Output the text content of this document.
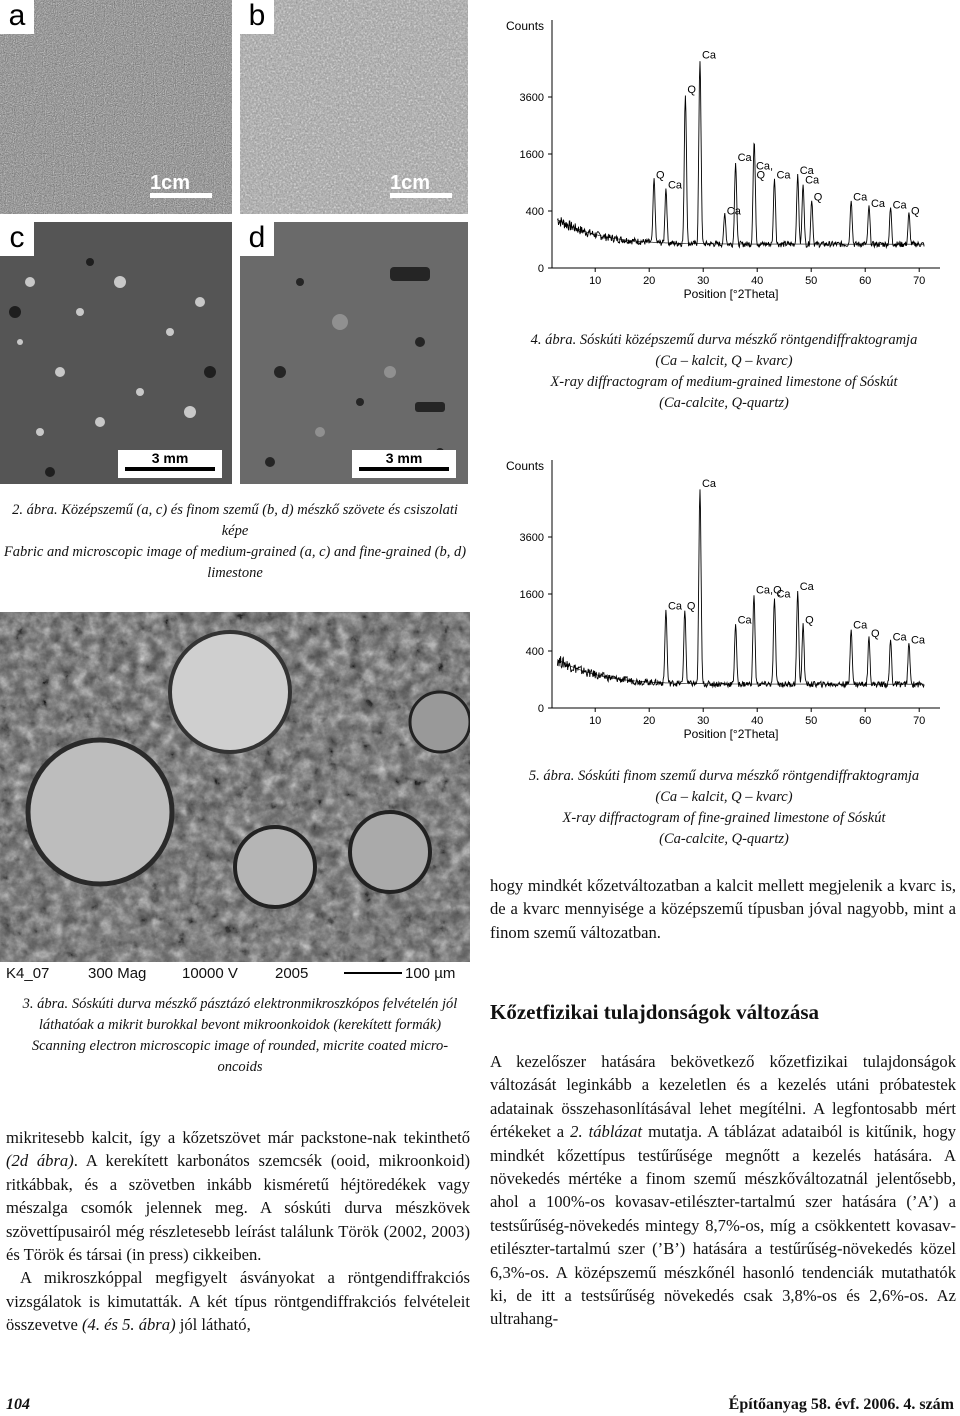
a
1cm
b
1cm
c
3 mm
d
3 mm
2. ábra. Középszemű (a, c) és finom szemű (b, d) mészkő szövete és csiszolati képe
Fabric and microscopic image of medium-grained (a, c) and fine-grained (b, d) limestone
K4_07	300 Mag 10000 V 2005	100 µm
3. ábra. Sóskúti durva mészkő pásztázó elektronmikroszkópos felvételén jól láthatóak a mikrit burokkal bevont mikroonkoidok (kerekített formák)
Scanning electron microscopic image of rounded, micrite coated micro-oncoids

mikritesebb kalcit, így a kőzetszövet már packstone-nak tekinthető (2d ábra). A kerekített karbonátos szemcsék (ooid, mikroonkoid) ritkábbak, és a szövetben inkább kisméretű héjtöredékek vagy mészalga csomók jelennek meg. A sóskúti durva mészkövek szövettípusairól még részletesebb leírást találunk Török (2002, 2003) és Török és társai (in press) cikkeiben.

A mikroszkóppal megfigyelt ásványokat a röntgendiffrakciós vizsgálatok is kimutatták. A két típus röntgendiffrakciós felvételeit összevetve (4. és 5. ábra) jól látható,

Counts
0
400
1600
3600
10	20	30	40	50	60	70
Position [°2Theta]
Q
Ca
Q
Ca
Ca
Ca,
Q Ca Ca
Ca
Q	Ca
Ca Ca
Q
Ca
4. ábra. Sóskúti középszemű durva mészkő röntgendiffraktogramja
(Ca – kalcit, Q – kvarc)
X-ray diffractogram of medium-grained limestone of Sóskút
(Ca-calcite, Q-quartz)
Counts
0
400
1600
3600
10	20	30	40	50	60	70
Position [°2Theta]
Ca Q
Ca
Ca
Ca,Q
Ca
Ca
Q	Ca
Q Ca Ca
5. ábra. Sóskúti finom szemű durva mészkő röntgendiffraktogramja
(Ca – kalcit, Q – kvarc)
X-ray diffractogram of fine-grained limestone of Sóskút
(Ca-calcite, Q-quartz)

hogy mindkét kőzetváltozatban a kalcit mellett megjelenik a kvarc is, de a kvarc mennyisége a középszemű típusban jóval nagyobb, mint a finom szemű változatban.

Kőzetfizikai tulajdonságok változása

A kezelőszer hatására bekövetkező kőzetfizikai tulajdonságok változását leginkább a kezeletlen és a kezelés utáni próbatestek adatainak összehasonlításával lehet megítélni. A legfontosabb mért értékeket a 2. táblázat mutatja. A táblázat adataiból is kitűnik, hogy mindkét kőzettípus testűrűsége megnőtt a kezelés hatására. A növekedés mértéke a finom szemű mészkőváltozatnál jelentősebb, ahol a 100%-os kovasav-etilészter-tartalmú szer hatására (’A’) a testsűrűség-növekedés mintegy 8,7%-os, míg a csökkentett kovasav-etilészter-tartalmú szer (’B’) hatására a testűrűség-növekedés közel 6,3%-os. A középszemű mészkőnél hasonló tendenciák mutathatók ki, de itt a testsűrűség növekedés csak 3,8%-os és 2,6%-os. Az ultrahang-

104	Építőanyag 58. évf. 2006. 4. szám
